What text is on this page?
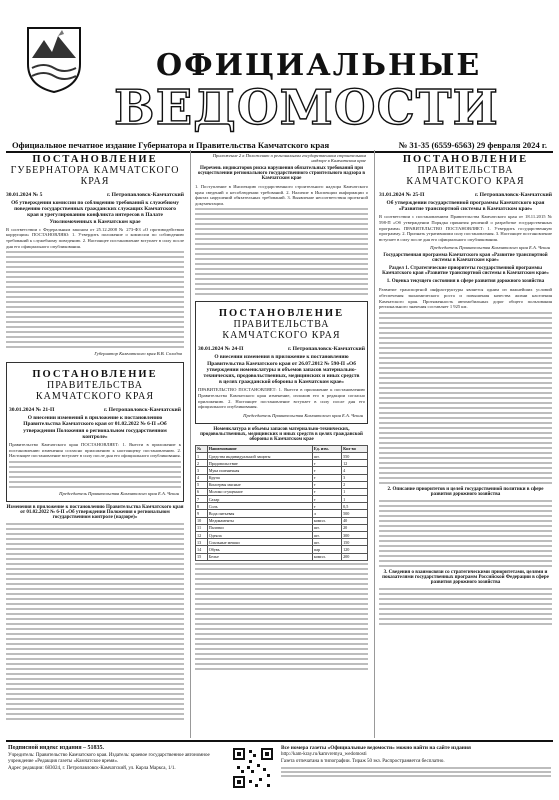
ОФИЦИАЛЬНЫЕ
ВЕДОМОСТИ
Официальное печатное издание Губернатора и Правительства Камчатского края	№ 31-35 (6559-6563) 29 февраля 2024 г.
ПОСТАНОВЛЕНИЕ
ГУБЕРНАТОРА КАМЧАТСКОГО КРАЯ
30.01.2024 № 5	г. Петропавловск-Камчатский
Об утверждении комиссии по соблюдению требований к служебному поведению государственных гражданских служащих Камчатского края и урегулированию конфликта интересов в Палате Уполномоченных в Камчатском крае
В соответствии с Федеральным законом от 25.12.2008 № 273-ФЗ «О противодействии коррупции» ПОСТАНОВЛЯЮ: 1. Утвердить положение о комиссии по соблюдению требований к служебному поведению. 2. Настоящее постановление вступает в силу после дня его официального опубликования.
Губернатор Камчатского края В.В. Солодов
ПОСТАНОВЛЕНИЕ
ПРАВИТЕЛЬСТВА КАМЧАТСКОГО КРАЯ
30.01.2024 № 21-П	г. Петропавловск-Камчатский
О внесении изменений в приложение к постановлению Правительства Камчатского края от 01.02.2022 № 6-П «Об утверждении Положения о региональном государственном контроле»
Правительство Камчатского края ПОСТАНОВЛЯЕТ: 1. Внести в приложение к постановлению изменения согласно приложению к настоящему постановлению. 2. Настоящее постановление вступает в силу после дня его официального опубликования.
Председатель Правительства Камчатского края Е.А. Чекин
Изменения в приложение к постановлению Правительства Камчатского края от 01.02.2022 № 6-П «Об утверждении Положения о региональном государственном контроле (надзоре)»
Приложение 2 к Положению о региональном государственном строительном надзоре в Камчатском крае
Перечень индикаторов риска нарушения обязательных требований при осуществлении регионального государственного строительного надзора в Камчатском крае
1. Поступление в Инспекцию государственного строительного надзора Камчатского края сведений о несоблюдении требований. 2. Наличие в Инспекции информации о фактах нарушений обязательных требований. 3. Выявление несоответствия проектной документации.
ПОСТАНОВЛЕНИЕ
ПРАВИТЕЛЬСТВА КАМЧАТСКОГО КРАЯ
30.01.2024 № 24-П	г. Петропавловск-Камчатский
О внесении изменения в приложение к постановлению Правительства Камчатского края от 26.07.2012 № 590-П «Об утверждении номенклатуры и объемов запасов материально-технических, продовольственных, медицинских и иных средств в целях гражданской обороны в Камчатском крае»
ПРАВИТЕЛЬСТВО ПОСТАНОВЛЯЕТ: 1. Внести в приложение к постановлению Правительства Камчатского края изменение, изложив его в редакции согласно приложению. 2. Настоящее постановление вступает в силу после дня его официального опубликования.
Председатель Правительства Камчатского края Е.А. Чекин
Номенклатура и объемы запасов материально-технических, продовольственных, медицинских и иных средств в целях гражданской обороны в Камчатском крае
№	Наименование	Ед. изм.	Кол-во
1	Средства индивидуальной защиты	шт.	550
2	Продовольствие	т	12
3	Мука пшеничная	т	4
4	Крупа	т	3
5	Консервы мясные	т	2
6	Молоко сгущенное	т	1
7	Сахар	т	1
8	Соль	т	0,5
9	Вода питьевая	л	500
10	Медикаменты	компл.	40
11	Палатки	шт.	20
12	Одеяла	шт.	300
13	Спальные мешки	шт.	150
14	Обувь	пар	120
15	Белье	компл.	200
ПОСТАНОВЛЕНИЕ
ПРАВИТЕЛЬСТВА КАМЧАТСКОГО КРАЯ
31.01.2024 № 25-П	г. Петропавловск-Камчатский
Об утверждении государственной программы Камчатского края «Развитие транспортной системы в Камчатском крае»
В соответствии с постановлением Правительства Камчатского края от 18.11.2015 № 598-П «Об утверждении Порядка принятия решений о разработке государственных программ» ПРАВИТЕЛЬСТВО ПОСТАНОВЛЯЕТ: 1. Утвердить государственную программу. 2. Признать утратившими силу постановления. 3. Настоящее постановление вступает в силу после дня его официального опубликования.
Председатель Правительства Камчатского края Е.А. Чекин
Государственная программа Камчатского края «Развитие транспортной системы в Камчатском крае»
Раздел 1. Стратегические приоритеты государственной программы Камчатского края «Развитие транспортной системы в Камчатском крае»
1. Оценка текущего состояния в сфере развития дорожного хозяйства
Развитие транспортной инфраструктуры является одним из важнейших условий обеспечения экономического роста и повышения качества жизни населения Камчатского края. Протяженность автомобильных дорог общего пользования регионального значения составляет 1 925 км.
2. Описание приоритетов и целей государственной политики в сфере развития дорожного хозяйства
3. Сведения о взаимосвязи со стратегическими приоритетами, целями и показателями государственных программ Российской Федерации в сфере развития дорожного хозяйства
Подписной индекс издания – 51835.
Учредитель: Правительство Камчатского края. Издатель: краевое государственное автономное учреждение «Редакция газеты «Камчатское время».
Адрес редакции: 683024, г. Петропавловск-Камчатский, ул. Карла Маркса, 1/1.
Все номера газеты «Официальные ведомости» можно найти на сайте издания
http://kam-kray.ru/kamvremya_wedomosti
Газета отпечатана в типографии. Тираж 50 экз. Распространяется бесплатно.
